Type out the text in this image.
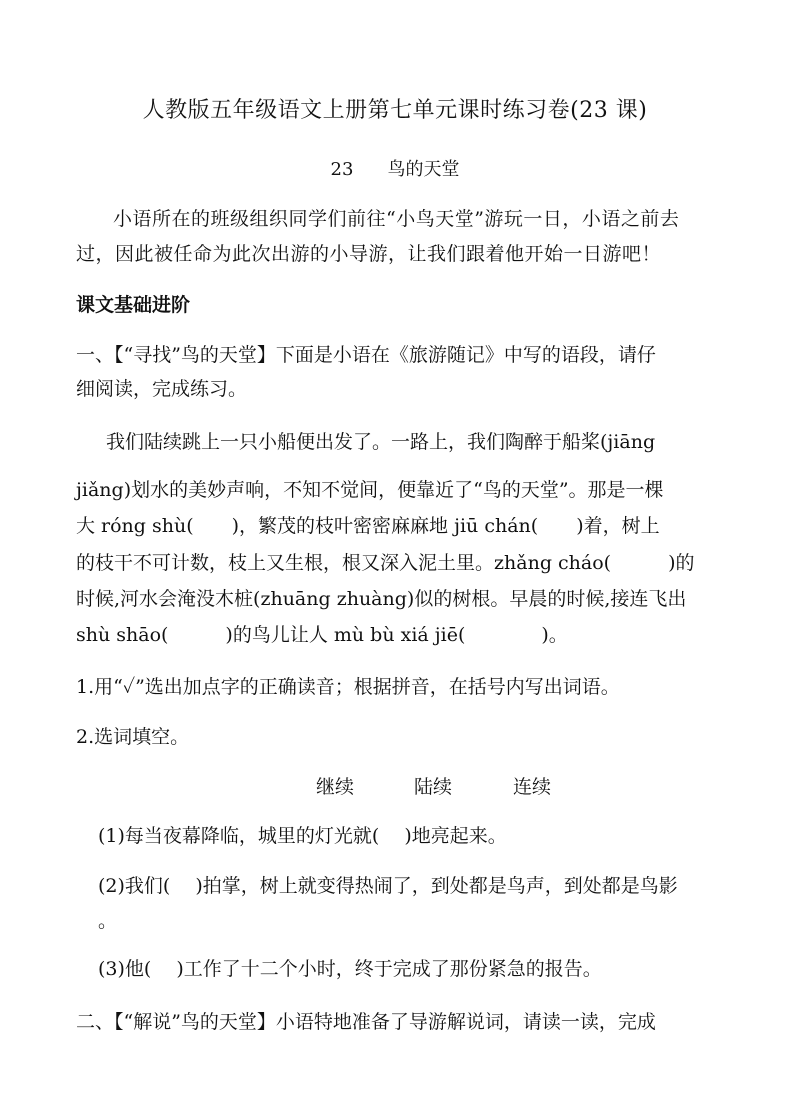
人教版五年级语文上册第七单元课时练习卷(23 课)
23 鸟的天堂
小语所在的班级组织同学们前往“小鸟天堂”游玩一日，小语之前去
过，因此被任命为此次出游的小导游，让我们跟着他开始一日游吧！
课文基础进阶
一、【“寻找”鸟的天堂】下面是小语在《旅游随记》中写的语段，请仔
细阅读，完成练习。
我们陆续跳上一只小船便出发了。一路上，我们陶醉于船桨(jiāng
jiǎng)划水的美妙声响，不知不觉间，便靠近了“鸟的天堂”。那是一棵
大 róng shù(　　)，繁茂的枝叶密密麻麻地 jiū chán(　　)着，树上
的枝干不可计数，枝上又生根，根又深入泥土里。zhǎng cháo(　　　)的
时候,河水会淹没木桩(zhuāng zhuàng)似的树根。早晨的时候,接连飞出
shù shāo(　　　)的鸟儿让人 mù bù xiá jiē(　　　　)。
1.用“✓”选出加点字的正确读音；根据拼音，在括号内写出词语。
2.选词填空。
继续	陆续	连续
(1)每当夜幕降临，城里的灯光就(　 )地亮起来。
(2)我们(　 )拍掌，树上就变得热闹了，到处都是鸟声，到处都是鸟影
。
(3)他(　 )工作了十二个小时，终于完成了那份紧急的报告。
二、【“解说”鸟的天堂】小语特地准备了导游解说词，请读一读，完成
